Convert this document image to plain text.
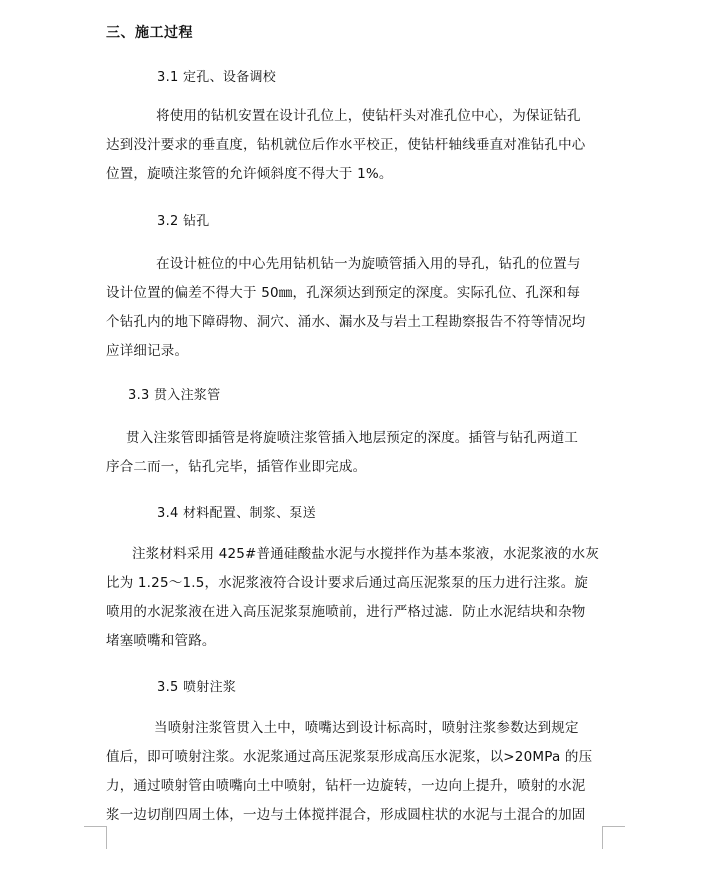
三、施工过程
3.1 定孔、设备调校
将使用的钻机安置在设计孔位上，使钻杆头对准孔位中心，为保证钻孔
达到没汁要求的垂直度，钻机就位后作水平校正，使钻杆轴线垂直对准钻孔中心
位置，旋喷注浆管的允许倾斜度不得大于 1%。
3.2 钻孔
在设计桩位的中心先用钻机钻一为旋喷管插入用的导孔，钻孔的位置与
设计位置的偏差不得大于 50㎜，孔深须达到预定的深度。实际孔位、孔深和每
个钻孔内的地下障碍物、洞穴、涌水、漏水及与岩土工程勘察报告不符等情况均
应详细记录。
3.3 贯入注浆管
贯入注浆管即插管是将旋喷注浆管插入地层预定的深度。插管与钻孔两道工
序合二而一，钻孔完毕，插管作业即完成。
3.4 材料配置、制浆、泵送
注浆材料采用 425#普通硅酸盐水泥与水搅拌作为基本浆液，水泥浆液的水灰
比为 1.25～1.5，水泥浆液符合设计要求后通过高压泥浆泵的压力进行注浆。旋
喷用的水泥浆液在进入高压泥浆泵施喷前，进行严格过滤．防止水泥结块和杂物
堵塞喷嘴和管路。
3.5 喷射注浆
当喷射注浆管贯入土中，喷嘴达到设计标高时，喷射注浆参数达到规定
值后，即可喷射注浆。水泥浆通过高压泥浆泵形成高压水泥浆，以>20MPa 的压
力，通过喷射管由喷嘴向土中喷射，钻杆一边旋转，一边向上提升，喷射的水泥
浆一边切削四周土体，一边与土体搅拌混合，形成圆柱状的水泥与土混合的加固
